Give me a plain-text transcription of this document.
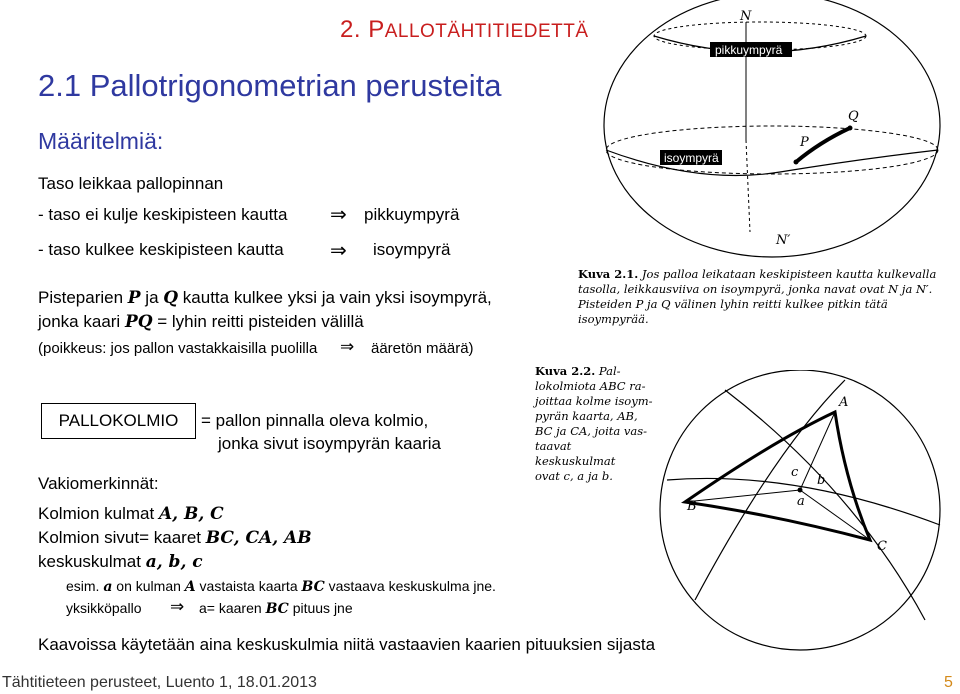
2. PALLOTÄHTITIEDETTÄ
2.1 Pallotrigonometrian perusteita
Määritelmiä:
Taso leikkaa pallopinnan
- taso ei kulje keskipisteen kautta ⇒ pikkuympyrä
- taso kulkee keskipisteen kautta ⇒ isoympyrä
Pisteparien P ja Q kautta kulkee yksi ja vain yksi isoympyrä,
jonka kaari PQ = lyhin reitti pisteiden välillä
(poikkeus: jos pallon vastakkaisilla puolilla ⇒ ääretön määrä)
PALLOKOLMIO	= pallon pinnalla oleva kolmio,
jonka sivut isoympyrän kaaria
Vakiomerkinnät:
Kolmion kulmat A, B, C
Kolmion sivut= kaaret BC, CA, AB
keskuskulmat a, b, c
esim. a on kulman A vastaista kaarta BC vastaava keskuskulma jne.
yksikköpallo ⇒ a= kaaren BC pituus jne
Kaavoissa käytetään aina keskuskulmia niitä vastaavien kaarien pituuksien sijasta
N
pikkuympyrä
isoympyrä
P
Q
N′
Kuva 2.1. Jos palloa leikataan keskipisteen kautta kulkevalla tasolla, leikkausviiva on isoympyrä, jonka navat ovat N ja N′. Pisteiden P ja Q välinen lyhin reitti kulkee pitkin tätä isoympyrää.
Kuva 2.2. Pal-
lokolmiota ABC ra-
joittaa kolme isoym-
pyrän kaarta, AB,
BC ja CA, joita vas-
taavat keskuskulmat
ovat c, a ja b.
A
B
C
a
b
c
Tähtitieteen perusteet, Luento 1, 18.01.2013	5
